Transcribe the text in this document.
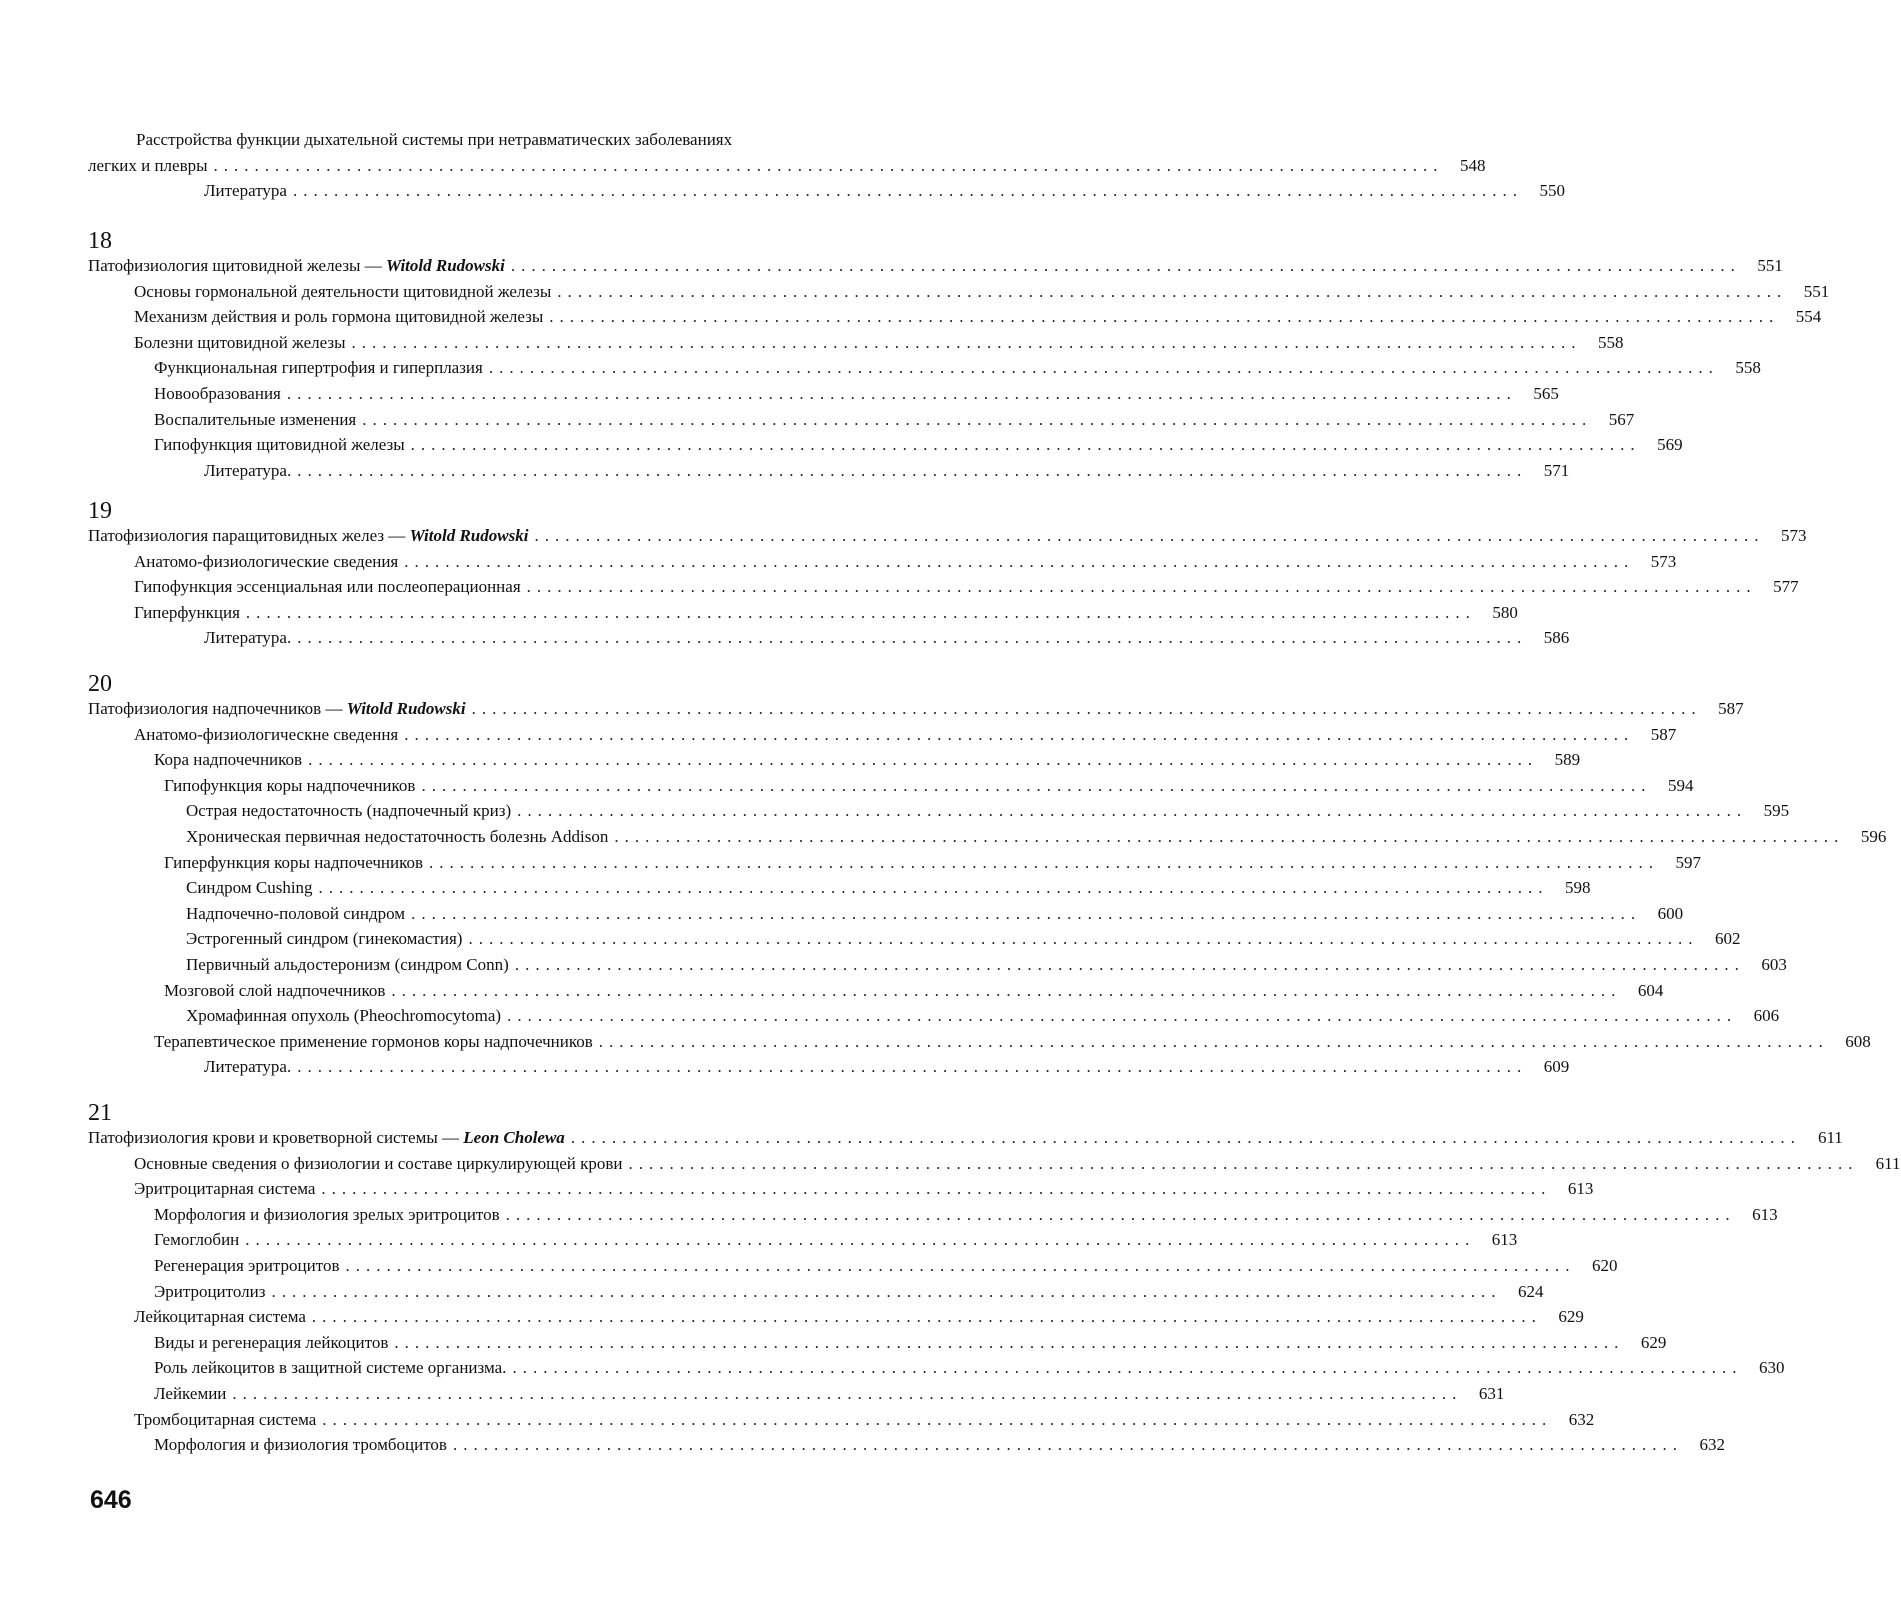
Расстройства функции дыхательной системы при нетравматических заболеваниях
легких и плевры ........................................................................................................................ 548
Литература ........................................................................................................................ 550
18
Патофизиология щитовидной железы — Witold Rudowski ........................................................................................................................ 551
Основы гормональной деятельности щитовидной железы ........................................................................................................................ 551
Механизм действия и роль гормона щитовидной железы ........................................................................................................................ 554
Болезни щитовидной железы ........................................................................................................................ 558
Функциональная гипертрофия и гиперплазия ........................................................................................................................ 558
Новообразования ........................................................................................................................ 565
Воспалительные изменения ........................................................................................................................ 567
Гипофункция щитовидной железы ........................................................................................................................ 569
Литература. ........................................................................................................................ 571
19
Патофизиология паращитовидных желез — Witold Rudowski ........................................................................................................................ 573
Анатомо-физиологические сведения ........................................................................................................................ 573
Гипофункция эссенциальная или послеоперационная ........................................................................................................................ 577
Гиперфункция ........................................................................................................................ 580
Литература. ........................................................................................................................ 586
20
Патофизиология надпочечников — Witold Rudowski ........................................................................................................................ 587
Анатомо-физиологическне сведення ........................................................................................................................ 587
Кора надпочечников ........................................................................................................................ 589
Гипофункция коры надпочечников ........................................................................................................................ 594
Острая недостаточность (надпочечный криз) ........................................................................................................................ 595
Хроническая первичная недостаточность болезнь Addison ........................................................................................................................ 596
Гиперфункция коры надпочечников ........................................................................................................................ 597
Синдром Cushing ........................................................................................................................ 598
Надпочечно-половой синдром ........................................................................................................................ 600
Эстрогенный синдром (гинекомастия) ........................................................................................................................ 602
Первичный альдостеронизм (синдром Conn) ........................................................................................................................ 603
Мозговой слой надпочечников ........................................................................................................................ 604
Хромафинная опухоль (Pheochromocytoma) ........................................................................................................................ 606
Терапевтическое применение гормонов коры надпочечников ........................................................................................................................ 608
Литература. ........................................................................................................................ 609
21
Патофизиология крови и кроветворной системы — Leon Cholewa ........................................................................................................................	611
Основные сведения о физиологии и составе циркулирующей крови ........................................................................................................................	611
Эритроцитарная система ........................................................................................................................ 613
Морфология и физиология зрелых эритроцитов ........................................................................................................................ 613
Гемоглобин ........................................................................................................................ 613
Регенерация эритроцитов ........................................................................................................................ 620
Эритроцитолиз ........................................................................................................................ 624
Лейкоцитарная система ........................................................................................................................ 629
Виды и регенерация лейкоцитов ........................................................................................................................ 629
Роль лейкоцитов в защитной системе организма. ........................................................................................................................ 630
Лейкемии ........................................................................................................................ 631
Тромбоцитарная система ........................................................................................................................ 632
Морфология и физиология тромбоцитов ........................................................................................................................ 632
646
